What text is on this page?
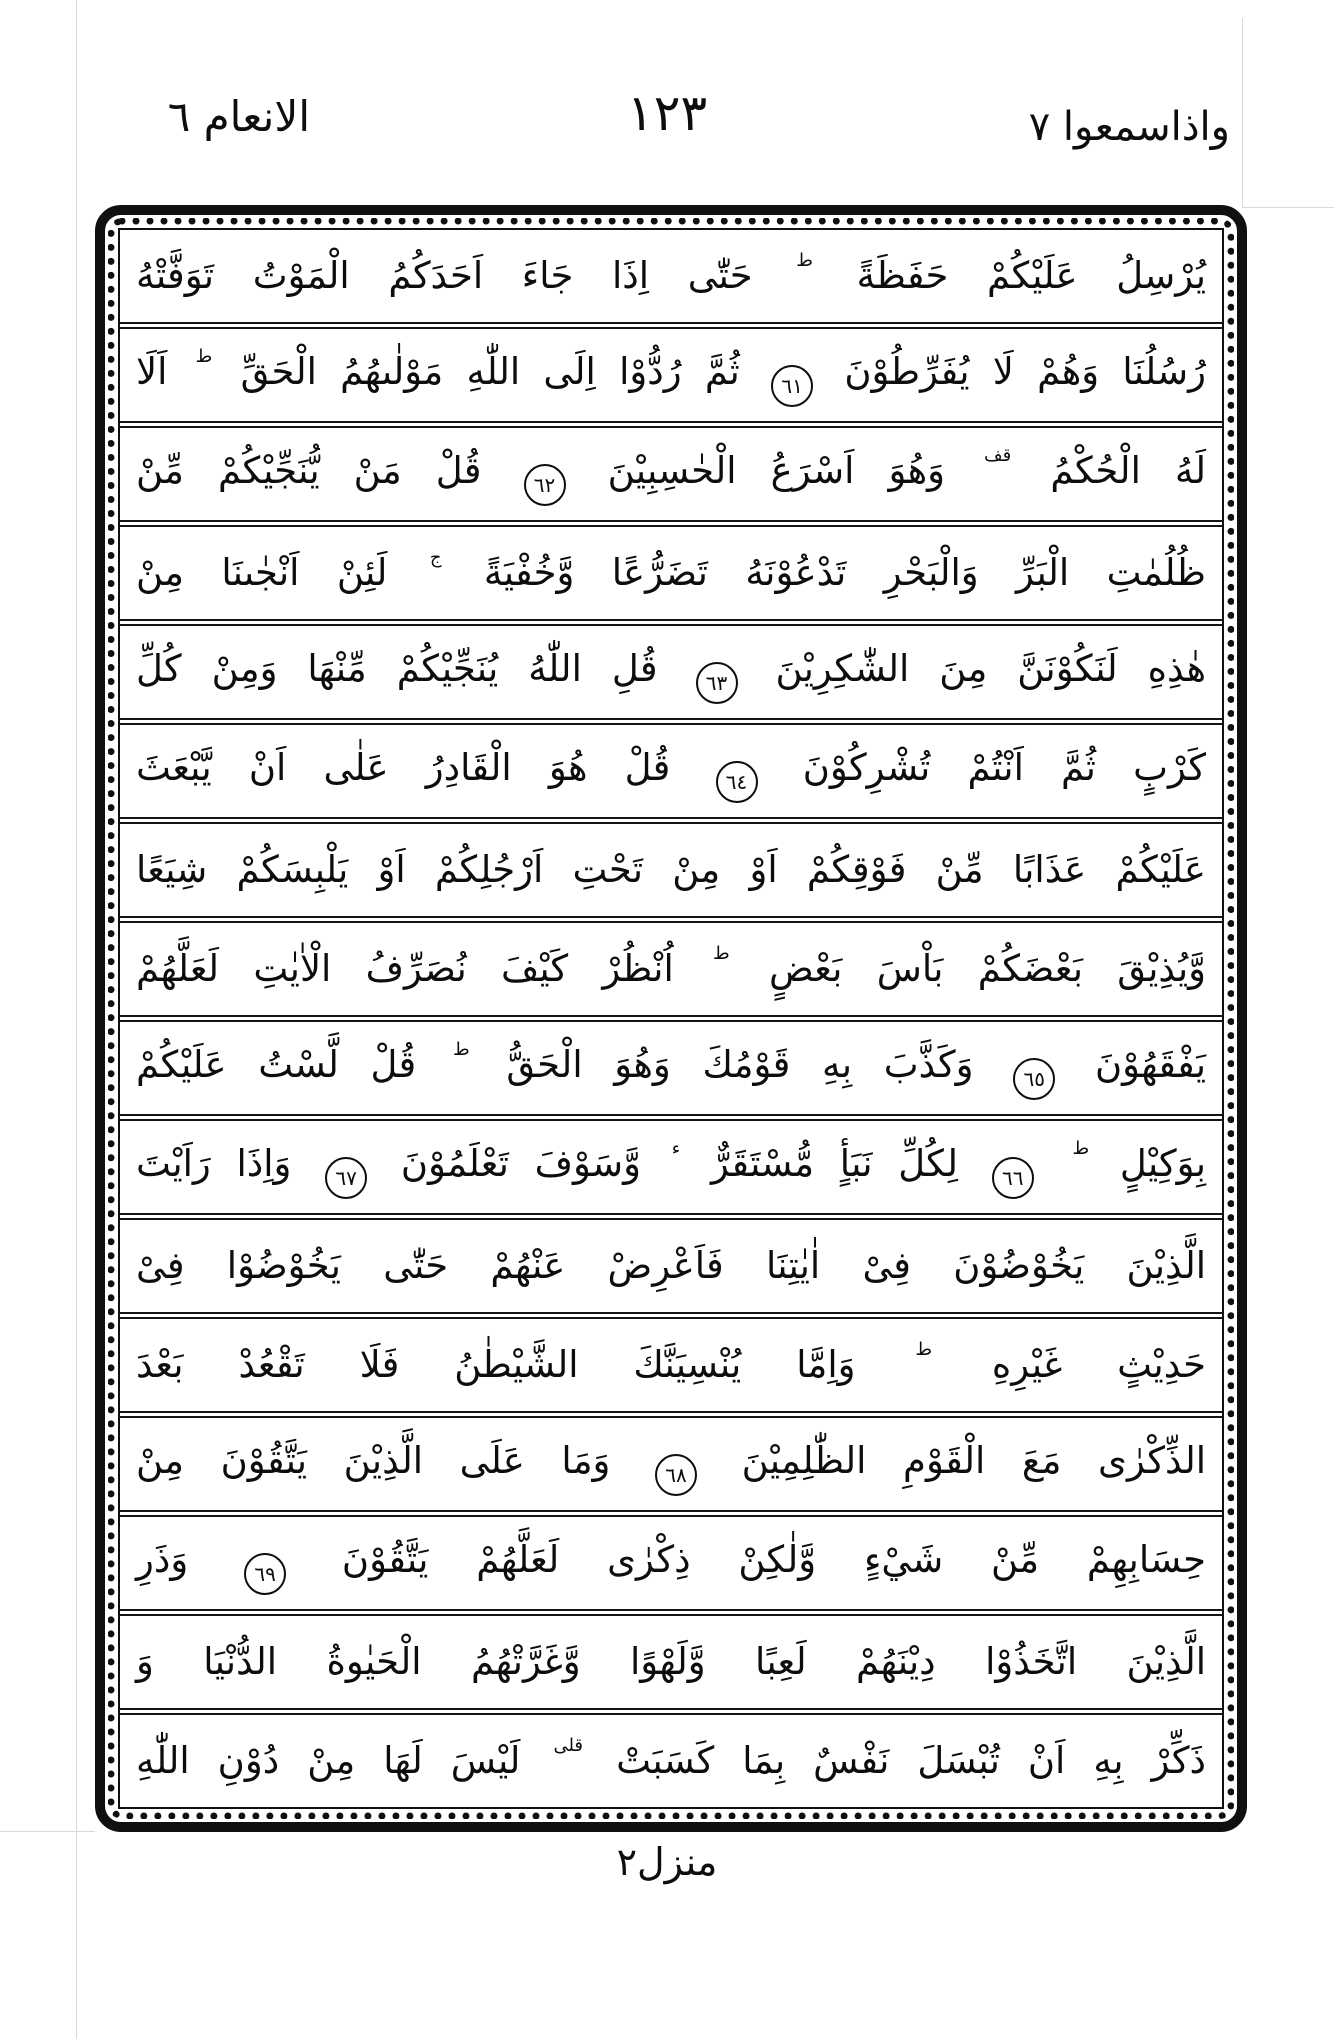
الانعام ٦	١٢٣	واذاسمعوا ۷
يُرْسِلُ عَلَيْكُمْ حَفَظَةً $^ط$ حَتّٰى اِذَا جَاءَ اَحَدَكُمُ الْمَوْتُ تَوَفَّتْهُ
رُسُلُنَا وَهُمْ لَا يُفَرِّطُوْنَ ٦١ ثُمَّ رُدُّوْا اِلَى اللّٰهِ مَوْلٰىهُمُ الْحَقِّ $^ط$ اَلَا
لَهُ الْحُكْمُ $^{قف}$ وَهُوَ اَسْرَعُ الْحٰسِبِيْنَ ٦٢ قُلْ مَنْ يُّنَجِّيْكُمْ مِّنْ
ظُلُمٰتِ الْبَرِّ وَالْبَحْرِ تَدْعُوْنَهُ تَضَرُّعًا وَّخُفْيَةً $^ج$ لَئِنْ اَنْجٰىنَا مِنْ
هٰذِهِ لَنَكُوْنَنَّ مِنَ الشّٰكِرِيْنَ ٦٣ قُلِ اللّٰهُ يُنَجِّيْكُمْ مِّنْهَا وَمِنْ كُلِّ
كَرْبٍ ثُمَّ اَنْتُمْ تُشْرِكُوْنَ ٦٤ قُلْ هُوَ الْقَادِرُ عَلٰى اَنْ يَّبْعَثَ
عَلَيْكُمْ عَذَابًا مِّنْ فَوْقِكُمْ اَوْ مِنْ تَحْتِ اَرْجُلِكُمْ اَوْ يَلْبِسَكُمْ شِيَعًا
وَّيُذِيْقَ بَعْضَكُمْ بَاْسَ بَعْضٍ $^ط$ اُنْظُرْ كَيْفَ نُصَرِّفُ الْاٰيٰتِ لَعَلَّهُمْ
يَفْقَهُوْنَ ٦٥ وَكَذَّبَ بِهِ قَوْمُكَ وَهُوَ الْحَقُّ $^ط$ قُلْ لَّسْتُ عَلَيْكُمْ
بِوَكِيْلٍ $^ط$ ٦٦ لِكُلِّ نَبَأٍ مُّسْتَقَرٌّ $^ء$ وَّسَوْفَ تَعْلَمُوْنَ ٦٧ وَاِذَا رَاَيْتَ
الَّذِيْنَ يَخُوْضُوْنَ فِىْ اٰيٰتِنَا فَاَعْرِضْ عَنْهُمْ حَتّٰى يَخُوْضُوْا فِىْ
حَدِيْثٍ غَيْرِهِ $^ط$ وَاِمَّا يُنْسِيَنَّكَ الشَّيْطٰنُ فَلَا تَقْعُدْ بَعْدَ
الذِّكْرٰى مَعَ الْقَوْمِ الظّٰلِمِيْنَ ٦٨ وَمَا عَلَى الَّذِيْنَ يَتَّقُوْنَ مِنْ
حِسَابِهِمْ مِّنْ شَيْءٍ وَّلٰكِنْ ذِكْرٰى لَعَلَّهُمْ يَتَّقُوْنَ ٦٩ وَذَرِ
الَّذِيْنَ اتَّخَذُوْا دِيْنَهُمْ لَعِبًا وَّلَهْوًا وَّغَرَّتْهُمُ الْحَيٰوةُ الدُّنْيَا وَ
ذَكِّرْ بِهِ اَنْ تُبْسَلَ نَفْسٌ بِمَا كَسَبَتْ $^{قلى}$ لَيْسَ لَهَا مِنْ دُوْنِ اللّٰهِ
منزل٢
